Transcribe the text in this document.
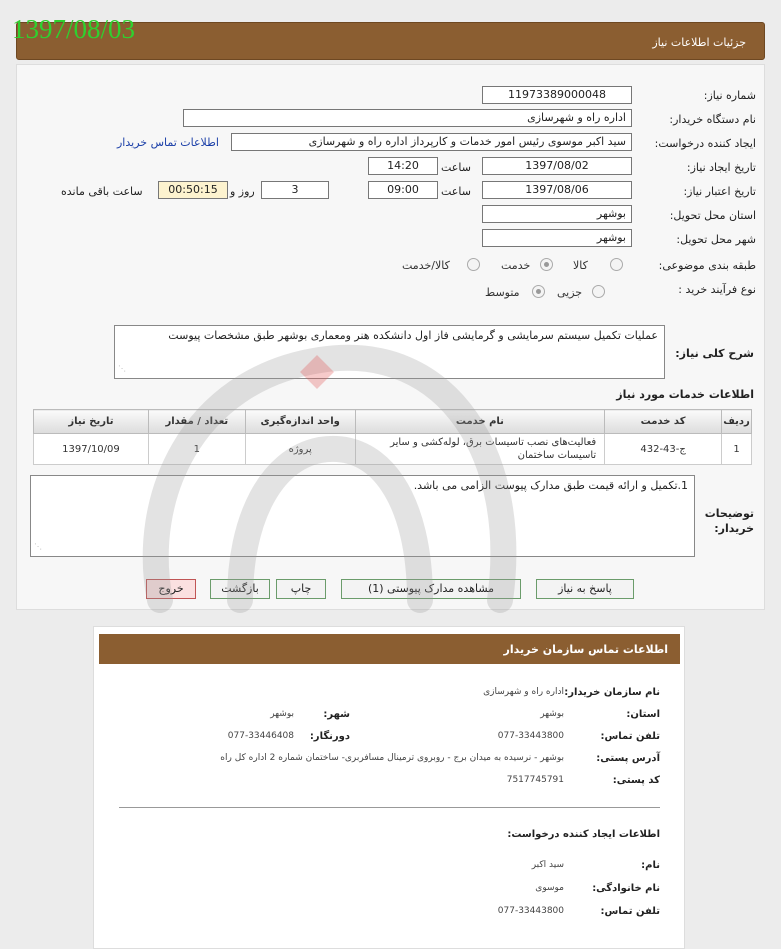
1397/08/03	جزئیات اطلاعات نیاز
شماره نیاز:
1197338900004​8
نام دستگاه خریدار:
اداره راه و شهرسازی
ایجاد کننده درخواست:
سید اکبر موسوی رئیس امور خدمات و کارپرداز اداره راه و شهرسازی
اطلاعات تماس خریدار
تاریخ ایجاد نیاز:
1397/08/02
ساعت
14:20
تاریخ اعتبار نیاز:
1397/08/06
ساعت
09:00
3
روز و
00:50:15
ساعت باقی مانده
استان محل تحویل:
بوشهر
شهر محل تحویل:
بوشهر
طبقه بندی موضوعی:
کالا
خدمت
کالا/خدمت
نوع فرآیند خرید :
جزیی
متوسط
شرح کلی نیاز:
عملیات تکمیل سیستم سرمایشی و گرمایشی فاز اول دانشکده هنر ومعماری بوشهر طبق مشخصات پیوست
⋰
اطلاعات خدمات مورد نیاز
ردیف	کد خدمت	نام خدمت	واحد اندازه‌گیری	تعداد / مقدار	تاریخ نیاز
1	ج-43-432	فعالیت‌های نصب تاسیسات برق، لوله‌کشی و سایر تاسیسات ساختمان	پروژه	1	1397/10/09
توضیحات خریدار:
1.تکمیل و ارائه قیمت طبق مدارک پیوست الزامی می باشد.
⋰
پاسخ به نیاز
مشاهده مدارک پیوستی (1)
چاپ
بازگشت
خروج
اطلاعات تماس سازمان خریدار
نام سازمان خریدار:
اداره راه و شهرسازی
استان:
بوشهر
شهر:
بوشهر
تلفن تماس:
077-33443800
دورنگار:
077-33446408
آدرس پستی:
بوشهر - نرسیده به میدان برج - روبروی ترمینال مسافربری- ساختمان شماره 2 اداره کل راه
کد پستی:
7517745791
اطلاعات ایجاد کننده درخواست:
نام:
سید اکبر
نام خانوادگی:
موسوی
تلفن تماس:
077-33443800
